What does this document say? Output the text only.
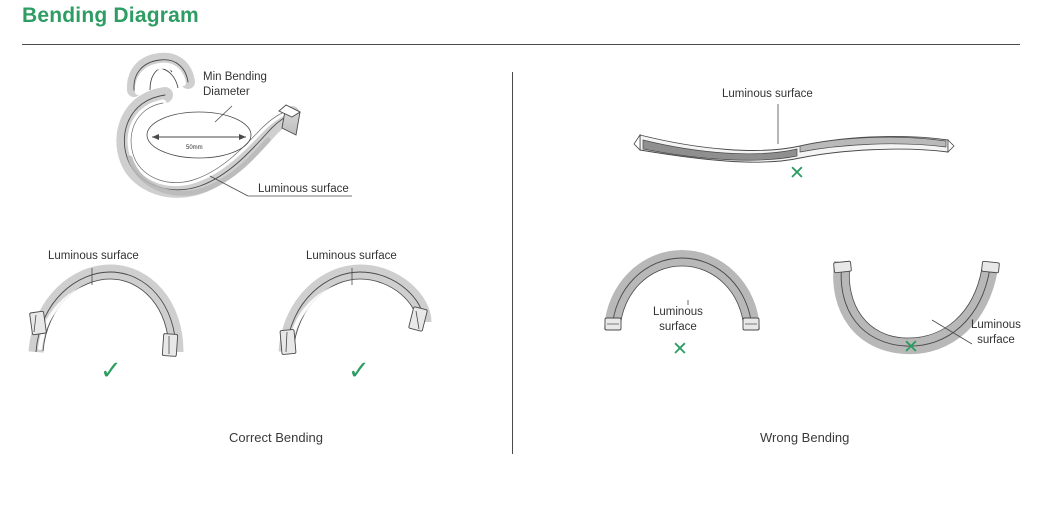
Bending Diagram
50mm
Min Bending
Diameter
Luminous surface
Luminous surface	Luminous surface
✓	✓
Correct Bending
Luminous surface
✕
Luminous
surface
✕
Luminous
surface
✕
Wrong Bending
